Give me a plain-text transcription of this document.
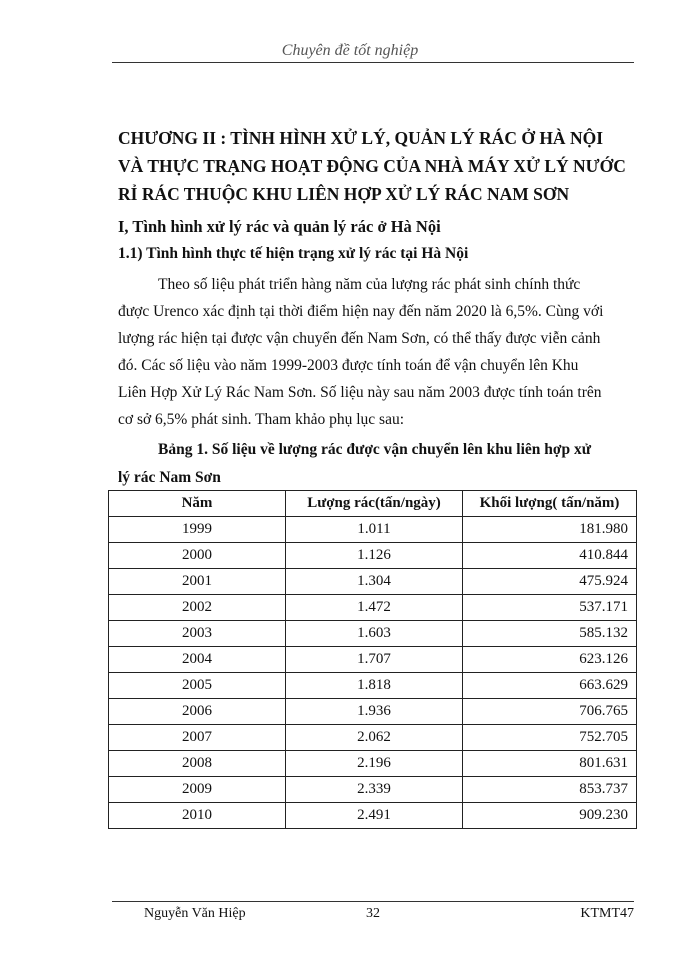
Chuyên đề tốt nghiệp
CHƯƠNG II : TÌNH HÌNH XỬ LÝ, QUẢN LÝ RÁC Ở HÀ NỘI
VÀ THỰC TRẠNG HOẠT ĐỘNG CỦA NHÀ MÁY XỬ LÝ NƯỚC
RỈ RÁC THUỘC KHU LIÊN HỢP XỬ LÝ RÁC NAM SƠN
I, Tình hình xử lý rác và quản lý rác ở Hà Nội
1.1) Tình hình thực tế hiện trạng xử lý rác tại Hà Nội
Theo số liệu phát triển hàng năm của lượng rác phát sinh chính thức
được Urenco xác định tại thời điểm hiện nay đến năm 2020 là 6,5%. Cùng với
lượng rác hiện tại được vận chuyển đến Nam Sơn, có thể thấy được viễn cảnh
đó. Các số liệu vào năm 1999-2003 được tính toán để vận chuyển lên Khu
Liên Hợp Xử Lý Rác Nam Sơn. Số liệu này sau năm 2003 được tính toán trên
cơ sở 6,5% phát sinh. Tham khảo phụ lục sau:
Bảng 1. Số liệu về lượng rác được vận chuyển lên khu liên hợp xử
lý rác Nam Sơn
Năm	Lượng rác(tấn/ngày)	Khối lượng( tấn/năm)
1999	1.011	181.980
2000	1.126	410.844
2001	1.304	475.924
2002	1.472	537.171
2003	1.603	585.132
2004	1.707	623.126
2005	1.818	663.629
2006	1.936	706.765
2007	2.062	752.705
2008	2.196	801.631
2009	2.339	853.737
2010	2.491	909.230
Nguyễn Văn Hiệp	32	KTMT47
